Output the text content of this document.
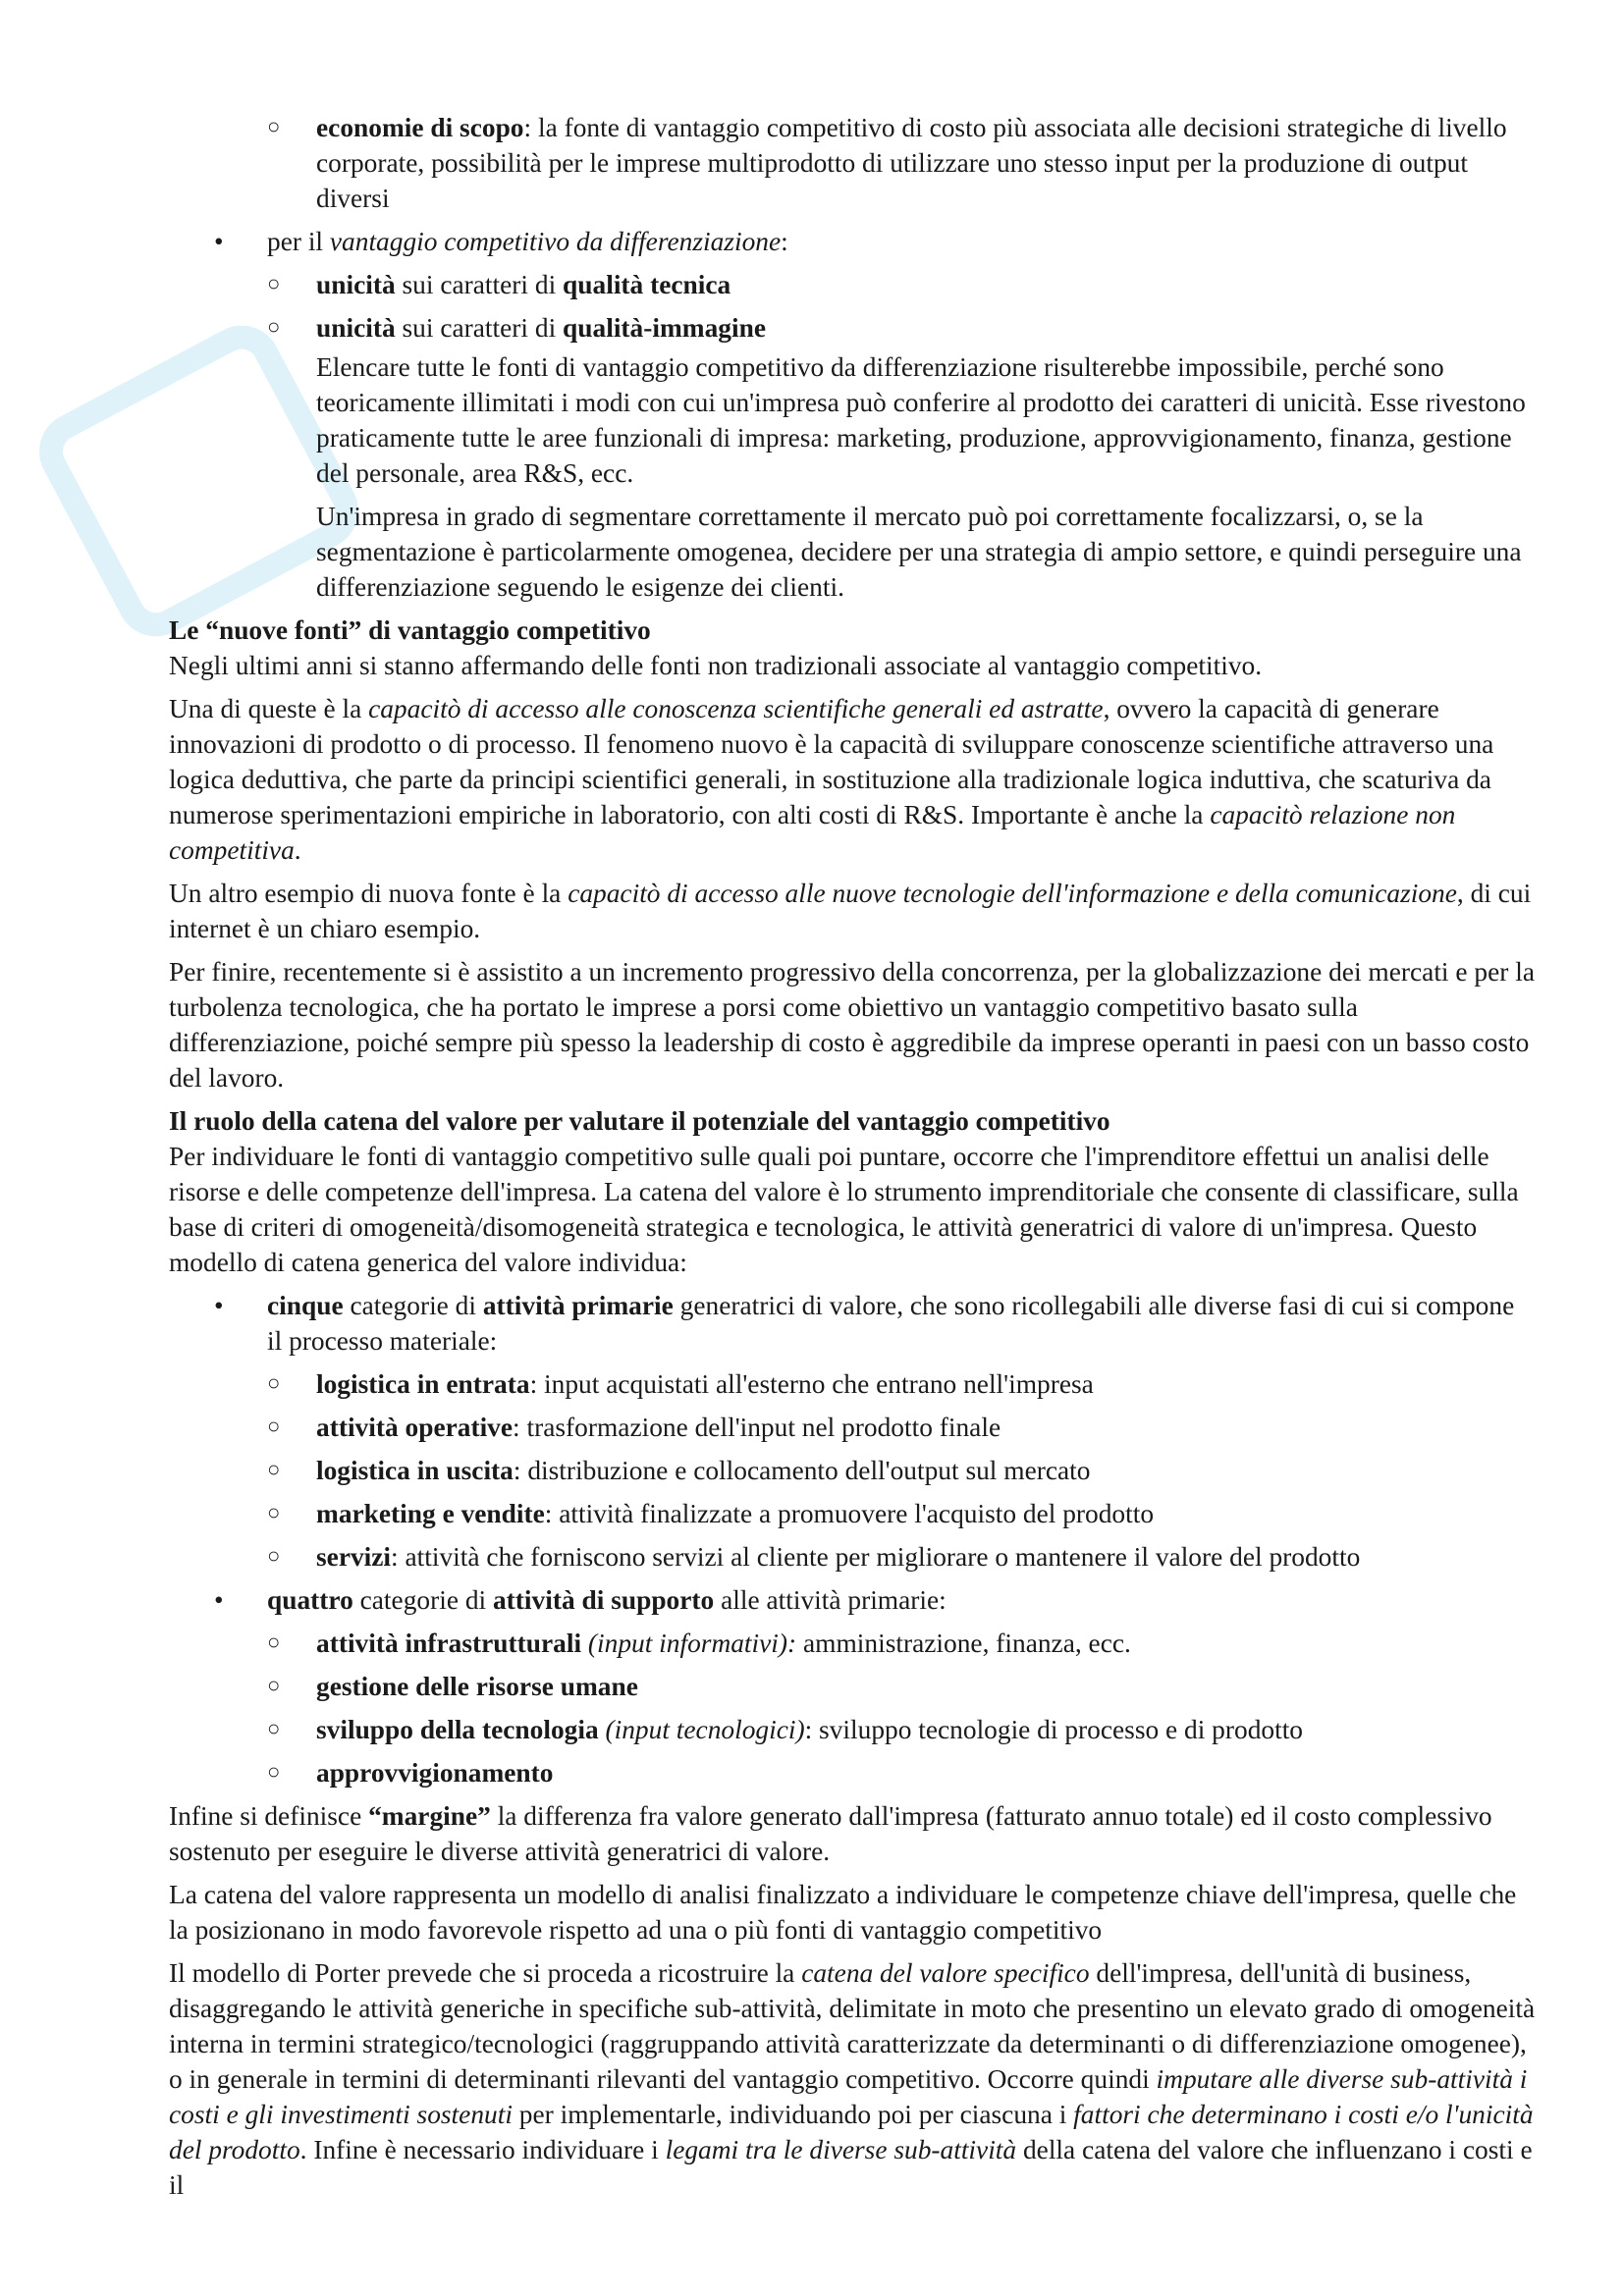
○ economie di scopo: la fonte di vantaggio competitivo di costo più associata alle decisioni strategiche di livello corporate, possibilità per le imprese multiprodotto di utilizzare uno stesso input per la produzione di output diversi
• per il vantaggio competitivo da differenziazione:
○ unicità sui caratteri di qualità tecnica
○ unicità sui caratteri di qualità-immagine

Elencare tutte le fonti di vantaggio competitivo da differenziazione risulterebbe impossibile, perché sono teoricamente illimitati i modi con cui un'impresa può conferire al prodotto dei caratteri di unicità. Esse rivestono praticamente tutte le aree funzionali di impresa: marketing, produzione, approvvigionamento, finanza, gestione del personale, area R&S, ecc.

Un'impresa in grado di segmentare correttamente il mercato può poi correttamente focalizzarsi, o, se la segmentazione è particolarmente omogenea, decidere per una strategia di ampio settore, e quindi perseguire una differenziazione seguendo le esigenze dei clienti.

Le “nuove fonti” di vantaggio competitivo

Negli ultimi anni si stanno affermando delle fonti non tradizionali associate al vantaggio competitivo.

Una di queste è la capacitò di accesso alle conoscenza scientifiche generali ed astratte, ovvero la capacità di generare innovazioni di prodotto o di processo. Il fenomeno nuovo è la capacità di sviluppare conoscenze scientifiche attraverso una logica deduttiva, che parte da principi scientifici generali, in sostituzione alla tradizionale logica induttiva, che scaturiva da numerose sperimentazioni empiriche in laboratorio, con alti costi di R&S. Importante è anche la capacitò relazione non competitiva.

Un altro esempio di nuova fonte è la capacitò di accesso alle nuove tecnologie dell'informazione e della comunicazione, di cui internet è un chiaro esempio.

Per finire, recentemente si è assistito a un incremento progressivo della concorrenza, per la globalizzazione dei mercati e per la turbolenza tecnologica, che ha portato le imprese a porsi come obiettivo un vantaggio competitivo basato sulla differenziazione, poiché sempre più spesso la leadership di costo è aggredibile da imprese operanti in paesi con un basso costo del lavoro.

Il ruolo della catena del valore per valutare il potenziale del vantaggio competitivo

Per individuare le fonti di vantaggio competitivo sulle quali poi puntare, occorre che l'imprenditore effettui un analisi delle risorse e delle competenze dell'impresa. La catena del valore è lo strumento imprenditoriale che consente di classificare, sulla base di criteri di omogeneità/disomogeneità strategica e tecnologica, le attività generatrici di valore di un'impresa. Questo modello di catena generica del valore individua:

• cinque categorie di attività primarie generatrici di valore, che sono ricollegabili alle diverse fasi di cui si compone il processo materiale:
○ logistica in entrata: input acquistati all'esterno che entrano nell'impresa
○ attività operative: trasformazione dell'input nel prodotto finale
○ logistica in uscita: distribuzione e collocamento dell'output sul mercato
○ marketing e vendite: attività finalizzate a promuovere l'acquisto del prodotto
○ servizi: attività che forniscono servizi al cliente per migliorare o mantenere il valore del prodotto
• quattro categorie di attività di supporto alle attività primarie:
○ attività infrastrutturali (input informativi): amministrazione, finanza, ecc.
○ gestione delle risorse umane
○ sviluppo della tecnologia (input tecnologici): sviluppo tecnologie di processo e di prodotto
○ approvvigionamento

Infine si definisce “margine” la differenza fra valore generato dall'impresa (fatturato annuo totale) ed il costo complessivo sostenuto per eseguire le diverse attività generatrici di valore.

La catena del valore rappresenta un modello di analisi finalizzato a individuare le competenze chiave dell'impresa, quelle che la posizionano in modo favorevole rispetto ad una o più fonti di vantaggio competitivo

Il modello di Porter prevede che si proceda a ricostruire la catena del valore specifico dell'impresa, dell'unità di business, disaggregando le attività generiche in specifiche sub-attività, delimitate in moto che presentino un elevato grado di omogeneità interna in termini strategico/tecnologici (raggruppando attività caratterizzate da determinanti o di differenziazione omogenee), o in generale in termini di determinanti rilevanti del vantaggio competitivo. Occorre quindi imputare alle diverse sub-attività i costi e gli investimenti sostenuti per implementarle, individuando poi per ciascuna i fattori che determinano i costi e/o l'unicità del prodotto. Infine è necessario individuare i legami tra le diverse sub-attività della catena del valore che influenzano i costi e il
